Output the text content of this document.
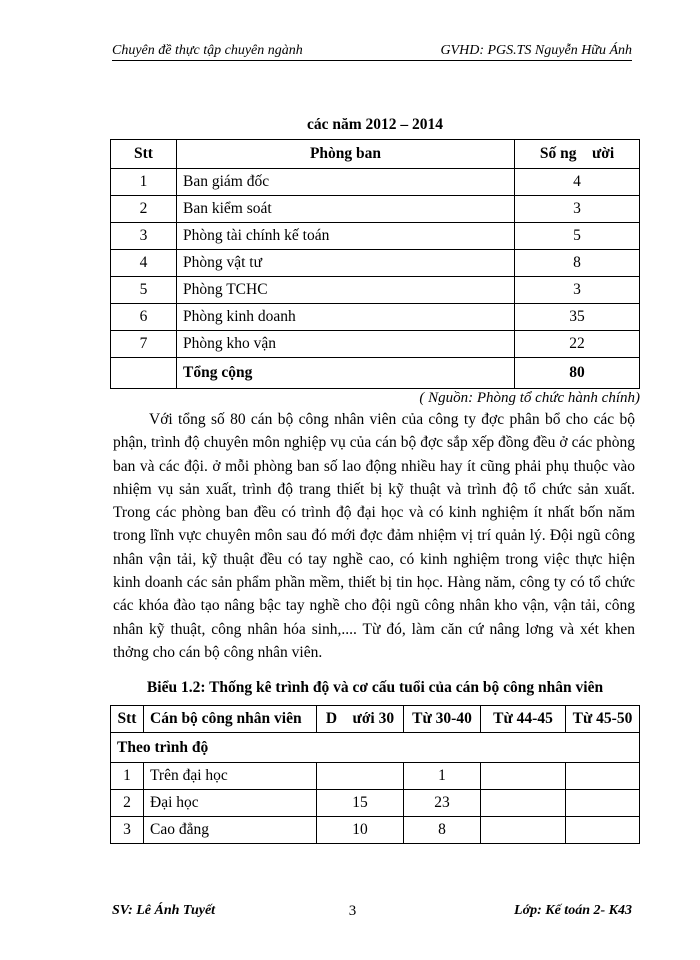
Chuyên đề thực tập chuyên ngành	GVHD: PGS.TS Nguyễn Hữu Ánh
các năm 2012 – 2014
Stt	Phòng ban	Số ng    ười
1	Ban giám đốc	4
2	Ban kiểm soát	3
3	Phòng tài chính kế toán	5
4	Phòng vật tư	8
5	Phòng TCHC	3
6	Phòng kinh doanh	35
7	Phòng kho vận	22
	Tổng cộng	80
( Nguồn: Phòng tổ chức hành chính)

Với tổng số 80 cán bộ công nhân viên của công ty đợc phân bổ cho các bộ phận, trình độ chuyên môn nghiệp vụ của cán bộ đợc sắp xếp đồng đều ở các phòng ban và các đội. ở mỗi phòng ban số lao động nhiều hay ít cũng phải phụ thuộc vào nhiệm vụ sản xuất, trình độ trang thiết bị kỹ thuật và trình độ tổ chức sản xuất. Trong các phòng ban đều có trình độ đại học và có kinh nghiệm ít nhất bốn năm trong lĩnh vực chuyên môn sau đó mới đợc đảm nhiệm vị trí quản lý. Đội ngũ công nhân vận tải, kỹ thuật đều có tay nghề cao, có kinh nghiệm trong việc thực hiện kinh doanh các sản phẩm phần mềm, thiết bị tin học. Hàng năm, công ty có tổ chức các khóa đào tạo nâng bậc tay nghề cho đội ngũ công nhân kho vận, vận tải, công nhân kỹ thuật, công nhân hóa sinh,.... Từ đó, làm căn cứ nâng lơng và xét khen thởng cho cán bộ công nhân viên.

Biểu 1.2: Thống kê trình độ và cơ cấu tuổi của cán bộ công nhân viên
Stt	Cán bộ công nhân viên	D    ưới 30	Từ 30-40	Từ 44-45	Từ 45-50
Theo trình độ					
1	Trên đại học		1		
2	Đại học	15	23		
3	Cao đẳng	10	8		
SV: Lê Ánh Tuyết	3	Lớp: Kế toán 2- K43
